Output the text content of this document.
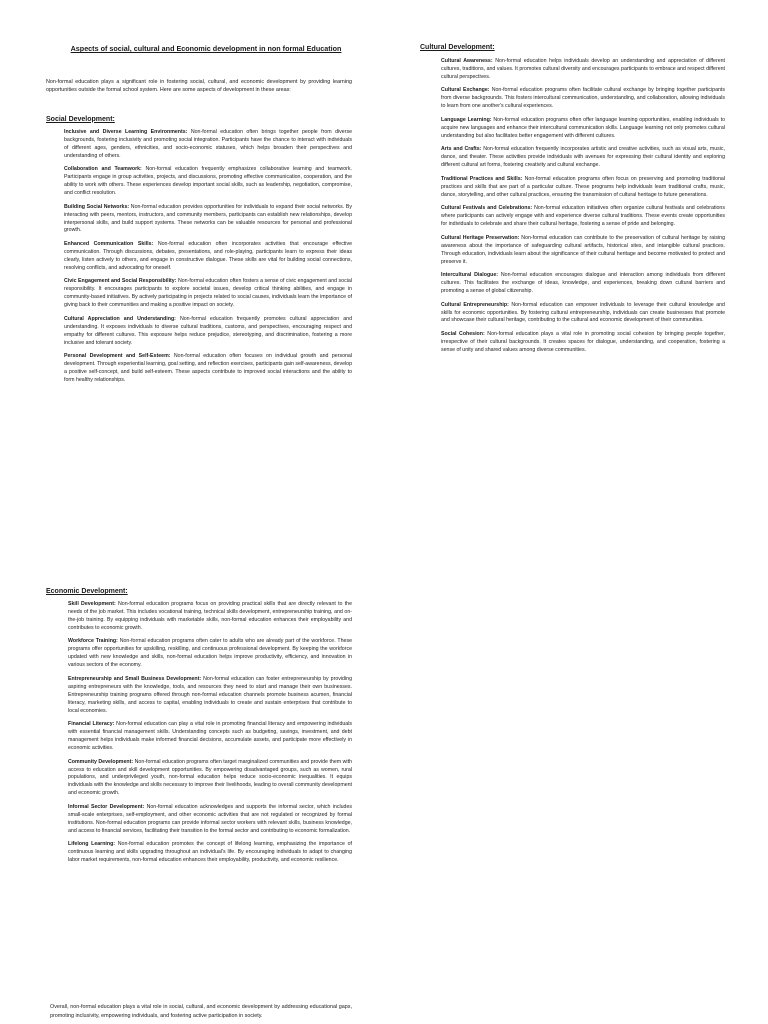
Aspects of social, cultural and Economic development in non formal Education

Non-formal education plays a significant role in fostering social, cultural, and economic development by providing learning opportunities outside the formal school system. Here are some aspects of development in these areas:

Social Development:

Inclusive and Diverse Learning Environments: Non-formal education often brings together people from diverse backgrounds, fostering inclusivity and promoting social integration. Participants have the chance to interact with individuals of different ages, genders, ethnicities, and socio-economic statuses, which helps broaden their perspectives and understanding of others.

Collaboration and Teamwork: Non-formal education frequently emphasizes collaborative learning and teamwork. Participants engage in group activities, projects, and discussions, promoting effective communication, cooperation, and the ability to work with others. These experiences develop important social skills, such as leadership, negotiation, compromise, and conflict resolution.

Building Social Networks: Non-formal education provides opportunities for individuals to expand their social networks. By interacting with peers, mentors, instructors, and community members, participants can establish new relationships, develop interpersonal skills, and build support systems. These networks can be valuable resources for personal and professional growth.

Enhanced Communication Skills: Non-formal education often incorporates activities that encourage effective communication. Through discussions, debates, presentations, and role-playing, participants learn to express their ideas clearly, listen actively to others, and engage in constructive dialogue. These skills are vital for building social connections, resolving conflicts, and advocating for oneself.

Civic Engagement and Social Responsibility: Non-formal education often fosters a sense of civic engagement and social responsibility. It encourages participants to explore societal issues, develop critical thinking abilities, and engage in community-based initiatives. By actively participating in projects related to social causes, individuals learn the importance of giving back to their communities and making a positive impact on society.

Cultural Appreciation and Understanding: Non-formal education frequently promotes cultural appreciation and understanding. It exposes individuals to diverse cultural traditions, customs, and perspectives, encouraging respect and empathy for different cultures. This exposure helps reduce prejudice, stereotyping, and discrimination, fostering a more inclusive and tolerant society.

Personal Development and Self-Esteem: Non-formal education often focuses on individual growth and personal development. Through experiential learning, goal setting, and reflection exercises, participants gain self-awareness, develop a positive self-concept, and build self-esteem. These aspects contribute to improved social interactions and the ability to form healthy relationships.

Cultural Development:

Cultural Awareness: Non-formal education helps individuals develop an understanding and appreciation of different cultures, traditions, and values. It promotes cultural diversity and encourages participants to embrace and respect different cultural perspectives.

Cultural Exchange: Non-formal education programs often facilitate cultural exchange by bringing together participants from diverse backgrounds. This fosters intercultural communication, understanding, and collaboration, allowing individuals to learn from one another's cultural experiences.

Language Learning: Non-formal education programs often offer language learning opportunities, enabling individuals to acquire new languages and enhance their intercultural communication skills. Language learning not only promotes cultural understanding but also facilitates better engagement with different cultures.

Arts and Crafts: Non-formal education frequently incorporates artistic and creative activities, such as visual arts, music, dance, and theater. These activities provide individuals with avenues for expressing their cultural identity and exploring different cultural art forms, fostering creativity and cultural exchange.

Traditional Practices and Skills: Non-formal education programs often focus on preserving and promoting traditional practices and skills that are part of a particular culture. These programs help individuals learn traditional crafts, music, dance, storytelling, and other cultural practices, ensuring the transmission of cultural heritage to future generations.

Cultural Festivals and Celebrations: Non-formal education initiatives often organize cultural festivals and celebrations where participants can actively engage with and experience diverse cultural traditions. These events create opportunities for individuals to celebrate and share their cultural heritage, fostering a sense of pride and belonging.

Cultural Heritage Preservation: Non-formal education can contribute to the preservation of cultural heritage by raising awareness about the importance of safeguarding cultural artifacts, historical sites, and intangible cultural practices. Through education, individuals learn about the significance of their cultural heritage and become motivated to protect and preserve it.

Intercultural Dialogue: Non-formal education encourages dialogue and interaction among individuals from different cultures. This facilitates the exchange of ideas, knowledge, and experiences, breaking down cultural barriers and promoting a sense of global citizenship.

Cultural Entrepreneurship: Non-formal education can empower individuals to leverage their cultural knowledge and skills for economic opportunities. By fostering cultural entrepreneurship, individuals can create businesses that promote and showcase their cultural heritage, contributing to the cultural and economic development of their communities.

Social Cohesion: Non-formal education plays a vital role in promoting social cohesion by bringing people together, irrespective of their cultural backgrounds. It creates spaces for dialogue, understanding, and cooperation, fostering a sense of unity and shared values among diverse communities.

Economic Development:

Skill Development: Non-formal education programs focus on providing practical skills that are directly relevant to the needs of the job market. This includes vocational training, technical skills development, entrepreneurship training, and on-the-job training. By equipping individuals with marketable skills, non-formal education enhances their employability and contributes to economic growth.

Workforce Training: Non-formal education programs often cater to adults who are already part of the workforce. These programs offer opportunities for upskilling, reskilling, and continuous professional development. By keeping the workforce updated with new knowledge and skills, non-formal education helps improve productivity, efficiency, and innovation in various sectors of the economy.

Entrepreneurship and Small Business Development: Non-formal education can foster entrepreneurship by providing aspiring entrepreneurs with the knowledge, tools, and resources they need to start and manage their own businesses. Entrepreneurship training programs offered through non-formal education channels promote business acumen, financial literacy, marketing skills, and access to capital, enabling individuals to create and sustain enterprises that contribute to local economies.

Financial Literacy: Non-formal education can play a vital role in promoting financial literacy and empowering individuals with essential financial management skills. Understanding concepts such as budgeting, savings, investment, and debt management helps individuals make informed financial decisions, accumulate assets, and participate more effectively in economic activities.

Community Development: Non-formal education programs often target marginalized communities and provide them with access to education and skill development opportunities. By empowering disadvantaged groups, such as women, rural populations, and underprivileged youth, non-formal education helps reduce socio-economic inequalities. It equips individuals with the knowledge and skills necessary to improve their livelihoods, leading to overall community development and economic growth.

Informal Sector Development: Non-formal education acknowledges and supports the informal sector, which includes small-scale enterprises, self-employment, and other economic activities that are not regulated or recognized by formal institutions. Non-formal education programs can provide informal sector workers with relevant skills, business knowledge, and access to financial services, facilitating their transition to the formal sector and contributing to economic formalization.

Lifelong Learning: Non-formal education promotes the concept of lifelong learning, emphasizing the importance of continuous learning and skills upgrading throughout an individual's life. By encouraging individuals to adapt to changing labor market requirements, non-formal education enhances their employability, productivity, and economic resilience.

Overall, non-formal education plays a vital role in social, cultural, and economic development by addressing educational gaps, promoting inclusivity, empowering individuals, and fostering active participation in society.
